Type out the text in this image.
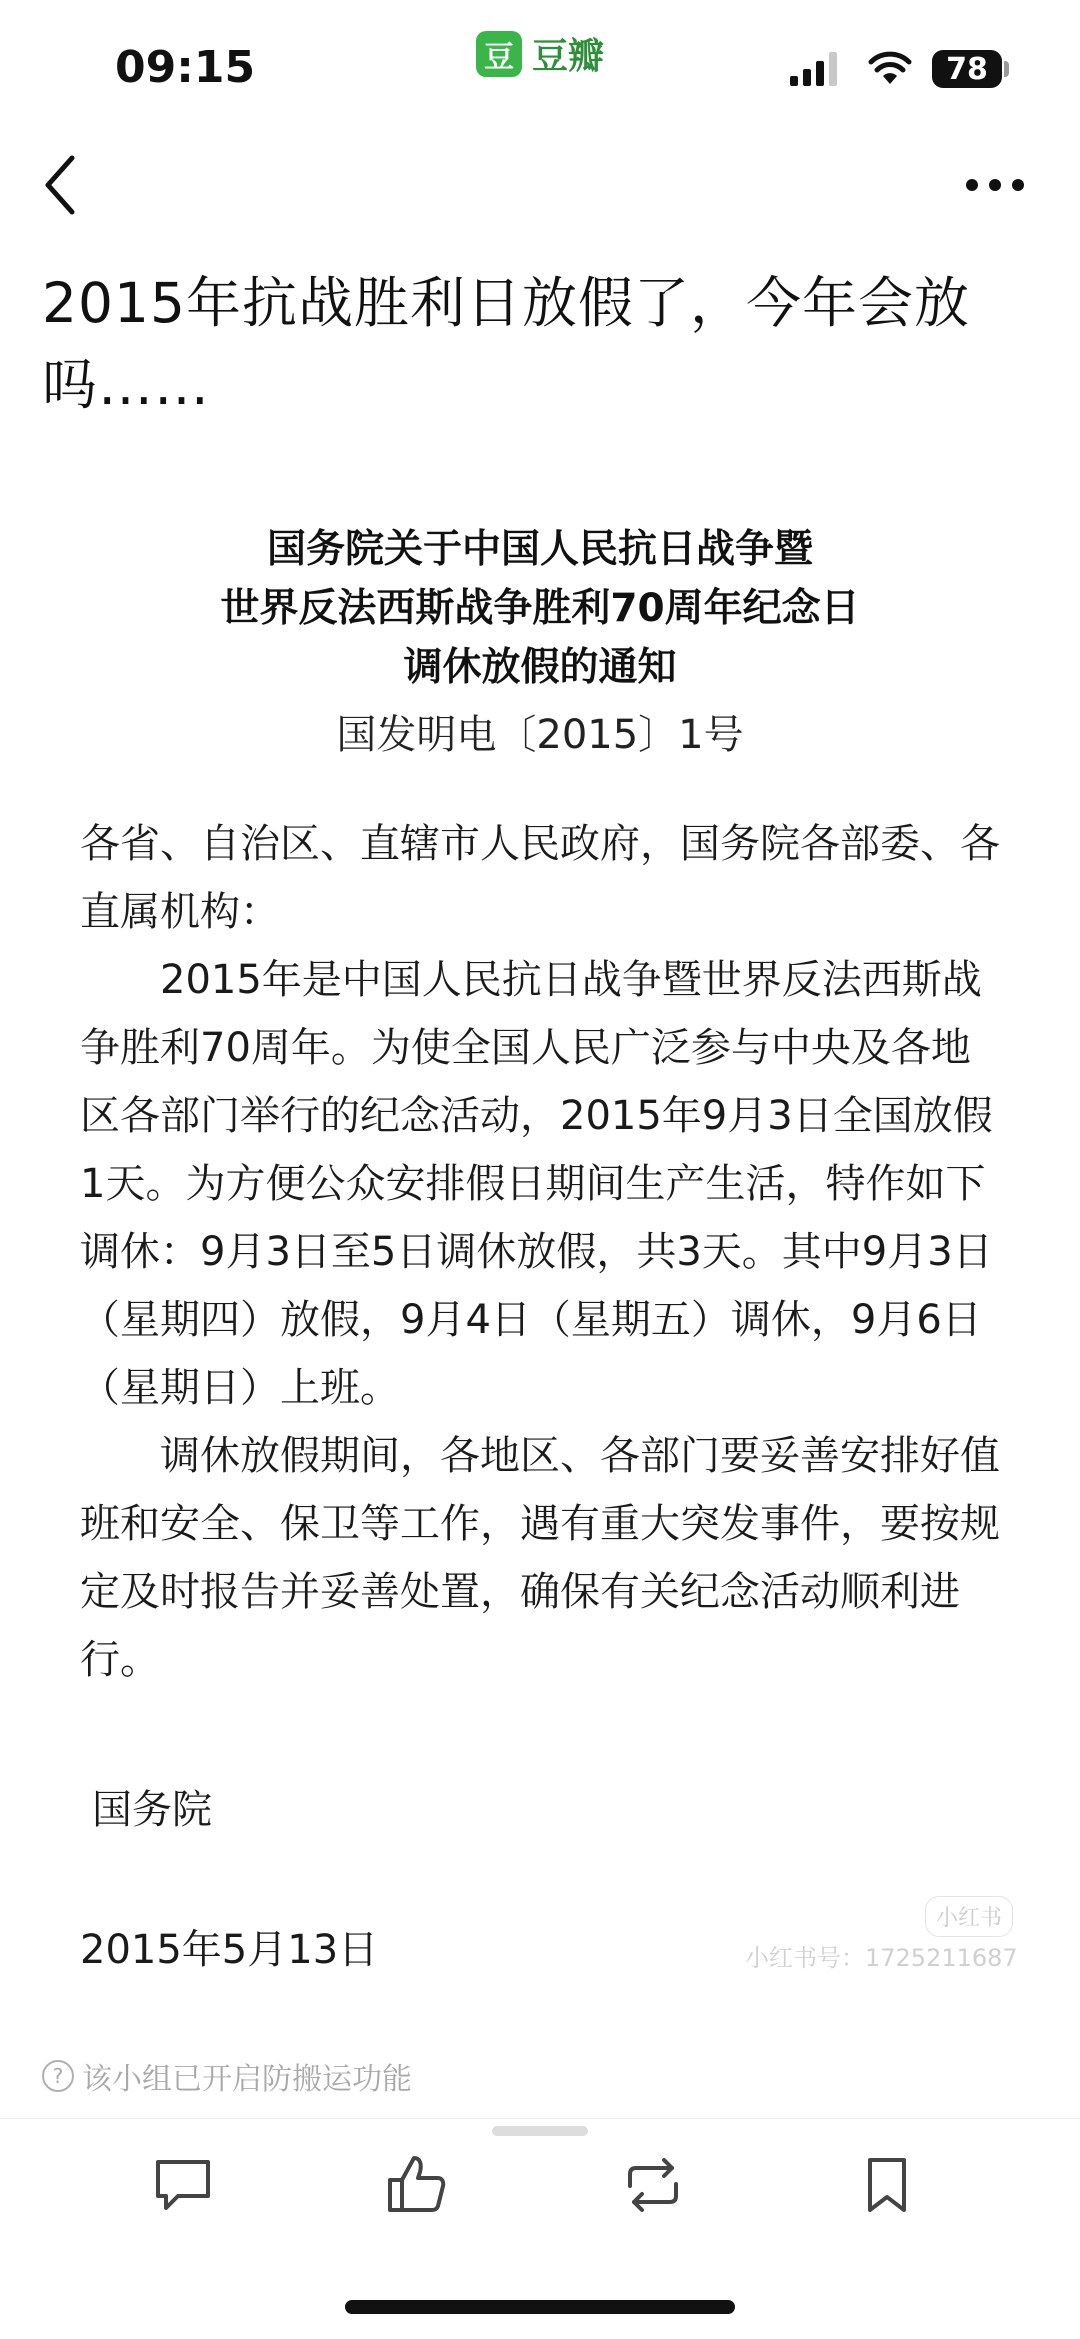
09:15	豆 豆瓣	78
2015年抗战胜利日放假了，今年会放吗……
国务院关于中国人民抗日战争暨
世界反法西斯战争胜利70周年纪念日
调休放假的通知
国发明电〔2015〕1号

各省、自治区、直辖市人民政府，国务院各部委、各直属机构：

2015年是中国人民抗日战争暨世界反法西斯战争胜利70周年。为使全国人民广泛参与中央及各地区各部门举行的纪念活动，2015年9月3日全国放假1天。为方便公众安排假日期间生产生活，特作如下调休：9月3日至5日调休放假，共3天。其中9月3日（星期四）放假，9月4日（星期五）调休，9月6日（星期日）上班。

调休放假期间，各地区、各部门要妥善安排好值班和安全、保卫等工作，遇有重大突发事件，要按规定及时报告并妥善处置，确保有关纪念活动顺利进行。

国务院
2015年5月13日
小红书
小红书号：1725211687
? 该小组已开启防搬运功能
